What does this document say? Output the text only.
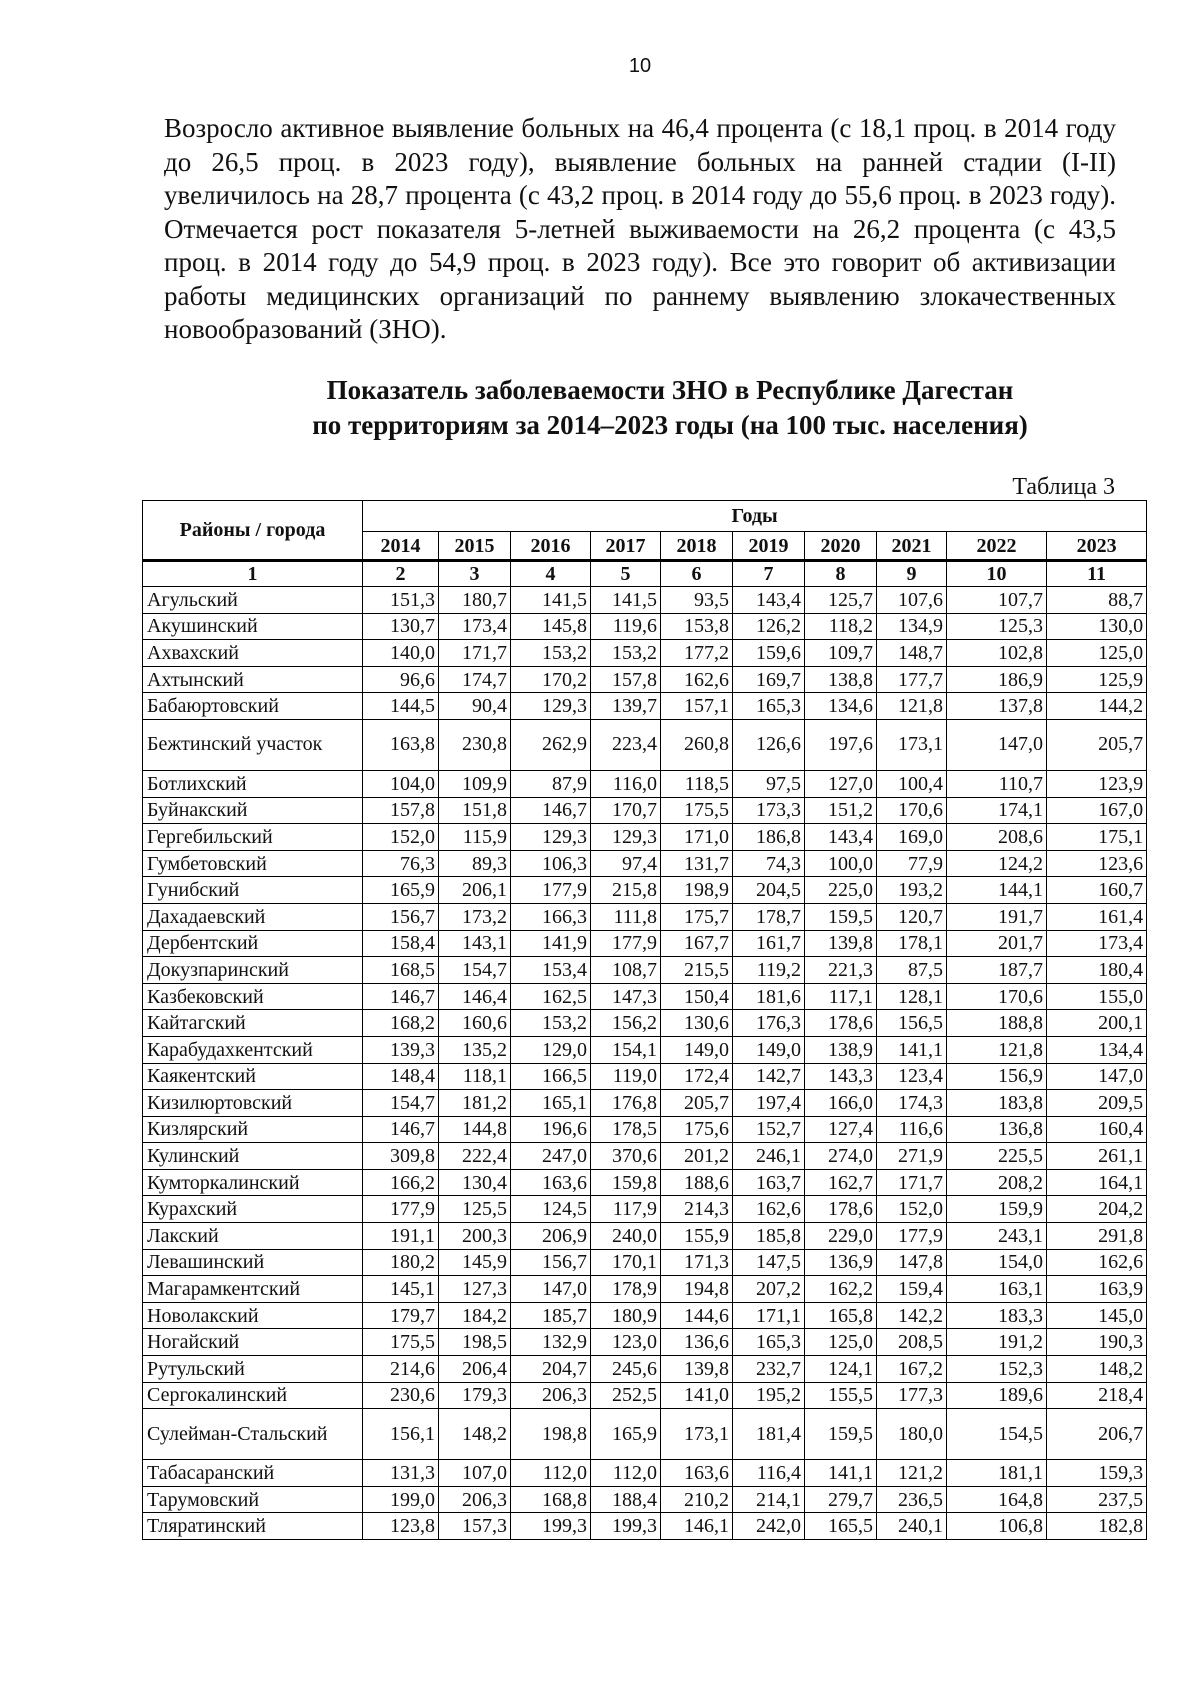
10

Возросло активное выявление больных на 46,4 процента (с 18,1 проц. в 2014 году до 26,5 проц. в 2023 году), выявление больных на ранней стадии (I-II) увеличилось на 28,7 процента (с 43,2 проц. в 2014 году до 55,6 проц. в 2023 году). Отмечается рост показателя 5-летней выживаемости на 26,2 процента (с 43,5 проц. в 2014 году до 54,9 проц. в 2023 году). Все это говорит об активизации работы медицинских организаций по раннему выявлению злокачественных новообразований (ЗНО).

Показатель заболеваемости ЗНО в Республике Дагестан
по территориям за 2014–2023 годы (на 100 тыс. населения)
Таблица 3
Районы / города	Годы									
	2014	2015	2016	2017	2018	2019	2020	2021	2022	2023
1	2	3	4	5	6	7	8	9	10	11
Агульский	151,3	180,7	141,5	141,5	93,5	143,4	125,7	107,6	107,7	88,7
Акушинский	130,7	173,4	145,8	119,6	153,8	126,2	118,2	134,9	125,3	130,0
Ахвахский	140,0	171,7	153,2	153,2	177,2	159,6	109,7	148,7	102,8	125,0
Ахтынский	96,6	174,7	170,2	157,8	162,6	169,7	138,8	177,7	186,9	125,9
Бабаюртовский	144,5	90,4	129,3	139,7	157,1	165,3	134,6	121,8	137,8	144,2
Бежтинский участок	163,8	230,8	262,9	223,4	260,8	126,6	197,6	173,1	147,0	205,7
Ботлихский	104,0	109,9	87,9	116,0	118,5	97,5	127,0	100,4	110,7	123,9
Буйнакский	157,8	151,8	146,7	170,7	175,5	173,3	151,2	170,6	174,1	167,0
Гергебильский	152,0	115,9	129,3	129,3	171,0	186,8	143,4	169,0	208,6	175,1
Гумбетовский	76,3	89,3	106,3	97,4	131,7	74,3	100,0	77,9	124,2	123,6
Гунибский	165,9	206,1	177,9	215,8	198,9	204,5	225,0	193,2	144,1	160,7
Дахадаевский	156,7	173,2	166,3	111,8	175,7	178,7	159,5	120,7	191,7	161,4
Дербентский	158,4	143,1	141,9	177,9	167,7	161,7	139,8	178,1	201,7	173,4
Докузпаринский	168,5	154,7	153,4	108,7	215,5	119,2	221,3	87,5	187,7	180,4
Казбековский	146,7	146,4	162,5	147,3	150,4	181,6	117,1	128,1	170,6	155,0
Кайтагский	168,2	160,6	153,2	156,2	130,6	176,3	178,6	156,5	188,8	200,1
Карабудахкентский	139,3	135,2	129,0	154,1	149,0	149,0	138,9	141,1	121,8	134,4
Каякентский	148,4	118,1	166,5	119,0	172,4	142,7	143,3	123,4	156,9	147,0
Кизилюртовский	154,7	181,2	165,1	176,8	205,7	197,4	166,0	174,3	183,8	209,5
Кизлярский	146,7	144,8	196,6	178,5	175,6	152,7	127,4	116,6	136,8	160,4
Кулинский	309,8	222,4	247,0	370,6	201,2	246,1	274,0	271,9	225,5	261,1
Кумторкалинский	166,2	130,4	163,6	159,8	188,6	163,7	162,7	171,7	208,2	164,1
Курахский	177,9	125,5	124,5	117,9	214,3	162,6	178,6	152,0	159,9	204,2
Лакский	191,1	200,3	206,9	240,0	155,9	185,8	229,0	177,9	243,1	291,8
Левашинский	180,2	145,9	156,7	170,1	171,3	147,5	136,9	147,8	154,0	162,6
Магарамкентский	145,1	127,3	147,0	178,9	194,8	207,2	162,2	159,4	163,1	163,9
Новолакский	179,7	184,2	185,7	180,9	144,6	171,1	165,8	142,2	183,3	145,0
Ногайский	175,5	198,5	132,9	123,0	136,6	165,3	125,0	208,5	191,2	190,3
Рутульский	214,6	206,4	204,7	245,6	139,8	232,7	124,1	167,2	152,3	148,2
Сергокалинский	230,6	179,3	206,3	252,5	141,0	195,2	155,5	177,3	189,6	218,4
Сулейман-Стальский	156,1	148,2	198,8	165,9	173,1	181,4	159,5	180,0	154,5	206,7
Табасаранский	131,3	107,0	112,0	112,0	163,6	116,4	141,1	121,2	181,1	159,3
Тарумовский	199,0	206,3	168,8	188,4	210,2	214,1	279,7	236,5	164,8	237,5
Тляратинский	123,8	157,3	199,3	199,3	146,1	242,0	165,5	240,1	106,8	182,8
